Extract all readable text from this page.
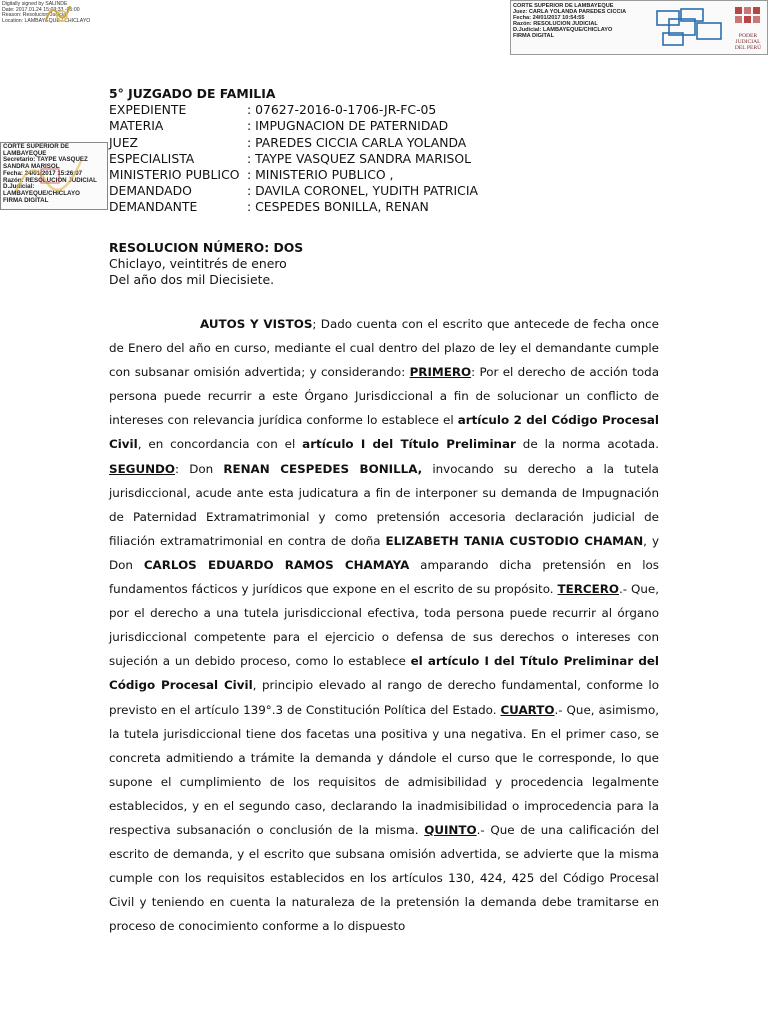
Digitally signed by SALINDE
Date: 2017.01.24 15:03:33 -05:00
Reason: Resolucion Judicial
Location: LAMBAYEQUE / CHICLAYO
CORTE SUPERIOR DE LAMBAYEQUE
Juez: CARLA YOLANDA PAREDES CICCIA
Fecha: 24/01/2017 10:54:55
Razón: RESOLUCION JUDICIAL
D.Judicial: LAMBAYEQUE/CHICLAYO
FIRMA DIGITAL	PODER JUDICIAL
DEL PERÚ
CORTE SUPERIOR DE
LAMBAYEQUE
Secretario: TAYPE VASQUEZ
SANDRA MARISOL
Fecha: 24/01/2017 15:26:07
Razón: RESOLUCION JUDICIAL
D.Judicial:
LAMBAYEQUE/CHICLAYO
FIRMA DIGITAL
5° JUZGADO DE FAMILIA
EXPEDIENTE	: 07627-2016-0-1706-JR-FC-05
MATERIA	: IMPUGNACION DE PATERNIDAD
JUEZ	: PAREDES CICCIA CARLA YOLANDA
ESPECIALISTA	: TAYPE VASQUEZ SANDRA MARISOL
MINISTERIO PUBLICO : MINISTERIO PUBLICO ,
DEMANDADO	: DAVILA CORONEL, YUDITH PATRICIA
DEMANDANTE	: CESPEDES BONILLA, RENAN
RESOLUCION NÚMERO: DOS
Chiclayo, veintitrés de enero
Del año dos mil Diecisiete.

AUTOS Y VISTOS; Dado cuenta con el escrito que antecede de fecha once de Enero del año en curso, mediante el cual dentro del plazo de ley el demandante cumple con subsanar omisión advertida; y considerando: PRIMERO: Por el derecho de acción toda persona puede recurrir a este Órgano Jurisdiccional a fin de solucionar un conflicto de intereses con relevancia jurídica conforme lo establece el artículo 2 del Código Procesal Civil, en concordancia con el artículo I del Título Preliminar de la norma acotada. SEGUNDO: Don RENAN CESPEDES BONILLA, invocando su derecho a la tutela jurisdiccional, acude ante esta judicatura a fin de interponer su demanda de Impugnación de Paternidad Extramatrimonial y como pretensión accesoria declaración judicial de filiación extramatrimonial en contra de doña ELIZABETH TANIA CUSTODIO CHAMAN, y Don CARLOS EDUARDO RAMOS CHAMAYA amparando dicha pretensión en los fundamentos fácticos y jurídicos que expone en el escrito de su propósito. TERCERO.- Que, por el derecho a una tutela jurisdiccional efectiva, toda persona puede recurrir al órgano jurisdiccional competente para el ejercicio o defensa de sus derechos o intereses con sujeción a un debido proceso, como lo establece el artículo I del Título Preliminar del Código Procesal Civil, principio elevado al rango de derecho fundamental, conforme lo previsto en el artículo 139°.3 de Constitución Política del Estado. CUARTO.- Que, asimismo, la tutela jurisdiccional tiene dos facetas una positiva y una negativa. En el primer caso, se concreta admitiendo a trámite la demanda y dándole el curso que le corresponde, lo que supone el cumplimiento de los requisitos de admisibilidad y procedencia legalmente establecidos, y en el segundo caso, declarando la inadmisibilidad o improcedencia para la respectiva subsanación o conclusión de la misma. QUINTO.- Que de una calificación del escrito de demanda, y el escrito que subsana omisión advertida, se advierte que la misma cumple con los requisitos establecidos en los artículos 130, 424, 425 del Código Procesal Civil y teniendo en cuenta la naturaleza de la pretensión la demanda debe tramitarse en proceso de conocimiento conforme a lo dispuesto
